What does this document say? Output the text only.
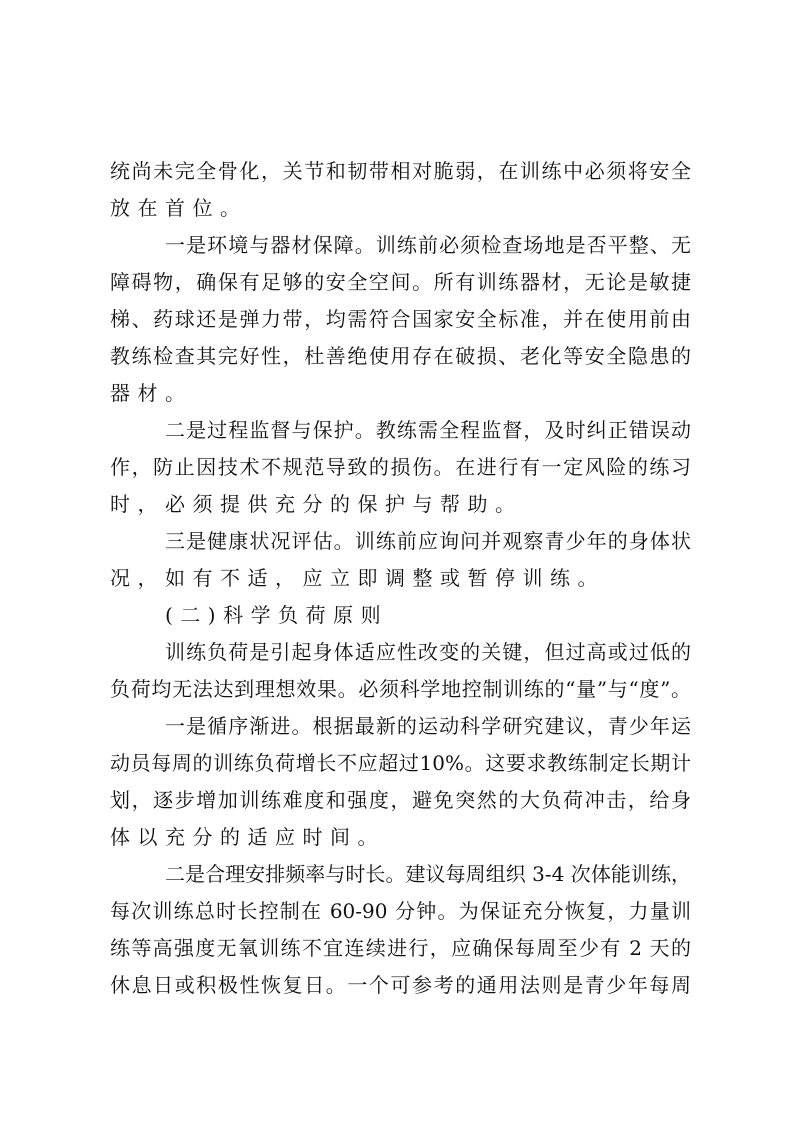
统尚未完全骨化，关节和韧带相对脆弱，在训练中必须将安全
放在首位。
一是环境与器材保障。训练前必须检查场地是否平整、无
障碍物，确保有足够的安全空间。所有训练器材，无论是敏捷
梯、药球还是弹力带，均需符合国家安全标准，并在使用前由
教练检查其完好性，杜善绝使用存在破损、老化等安全隐患的
器材。
二是过程监督与保护。教练需全程监督，及时纠正错误动
作，防止因技术不规范导致的损伤。在进行有一定风险的练习
时，必须提供充分的保护与帮助。
三是健康状况评估。训练前应询问并观察青少年的身体状
况，如有不适，应立即调整或暂停训练。
(二)科学负荷原则
训练负荷是引起身体适应性改变的关键，但过高或过低的
负荷均无法达到理想效果。必须科学地控制训练的“量”与“度”。
一是循序渐进。根据最新的运动科学研究建议，青少年运
动员每周的训练负荷增长不应超过10%。这要求教练制定长期计
划，逐步增加训练难度和强度，避免突然的大负荷冲击，给身
体以充分的适应时间。
二是合理安排频率与时长。建议每周组织 3-4 次体能训练，
每次训练总时长控制在 60-90 分钟。为保证充分恢复，力量训
练等高强度无氧训练不宜连续进行，应确保每周至少有 2 天的
休息日或积极性恢复日。一个可参考的通用法则是青少年每周
